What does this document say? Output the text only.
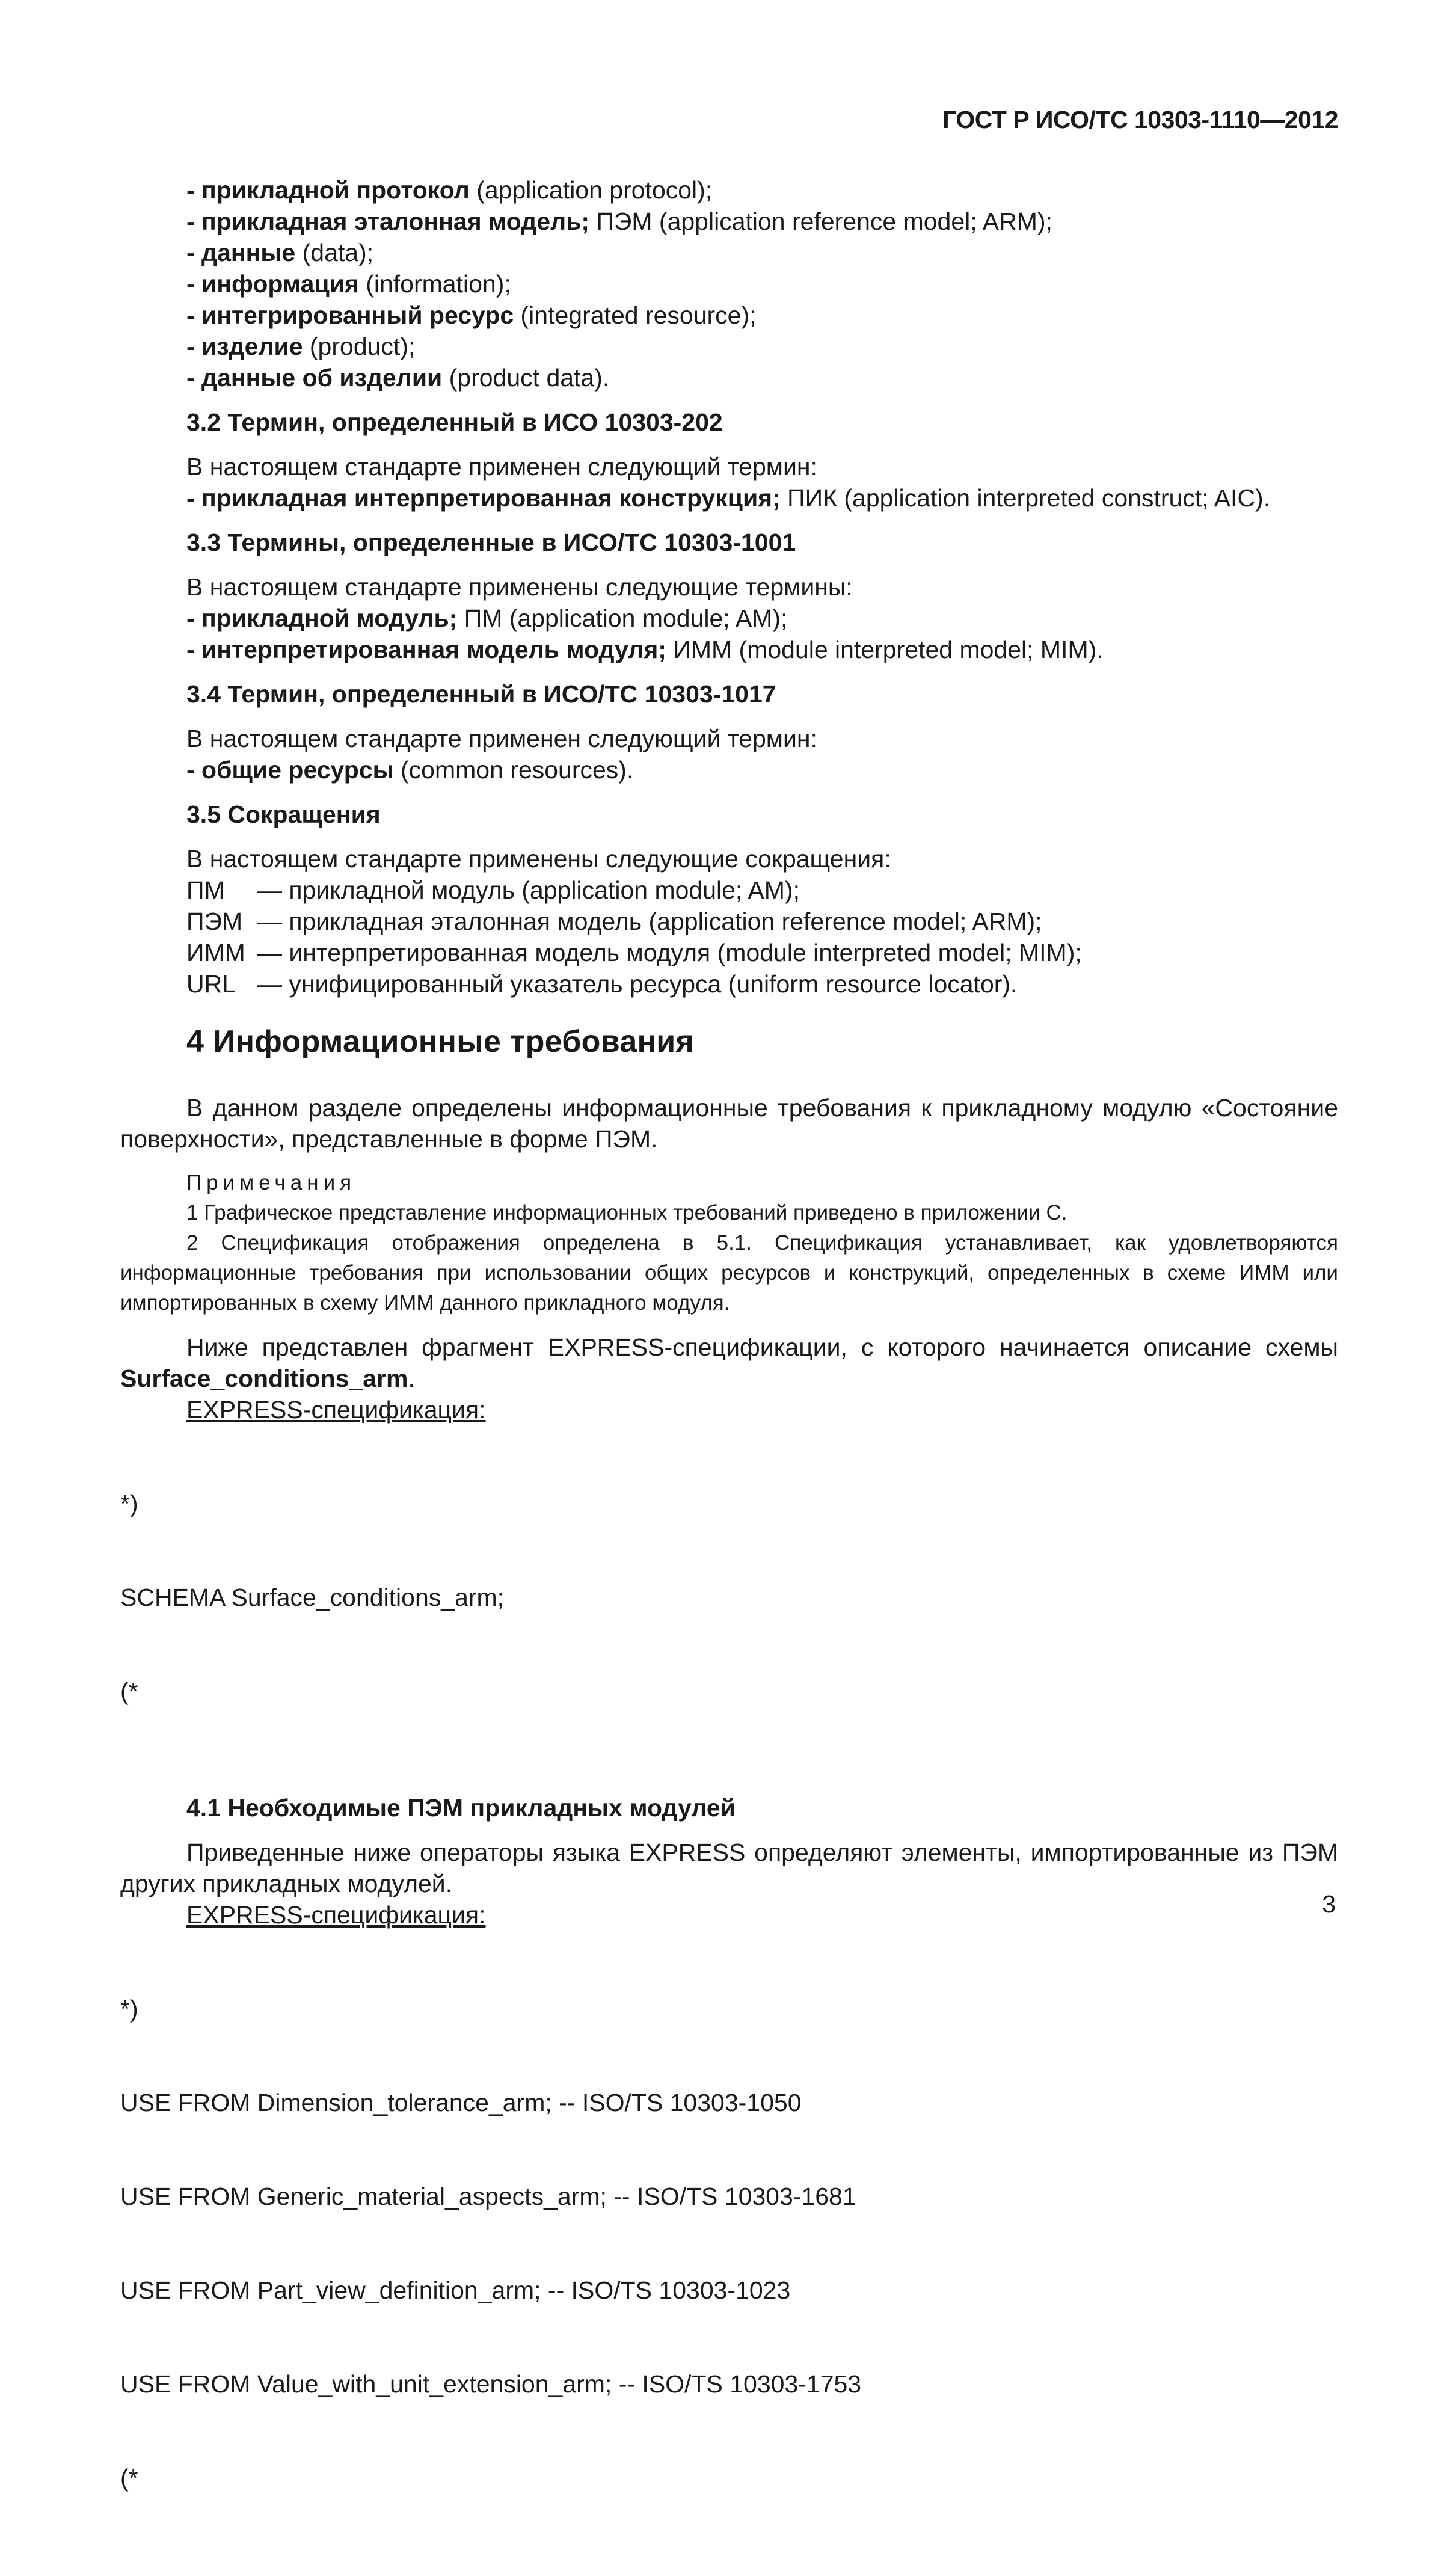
ГОСТ Р ИСО/ТС 10303-1110—2012
- прикладной протокол (application protocol);
- прикладная эталонная модель; ПЭМ (application reference model; ARM);
- данные (data);
- информация (information);
- интегрированный ресурс (integrated resource);
- изделие (product);
- данные об изделии (product data).
3.2 Термин, определенный в ИСО 10303-202
В настоящем стандарте применен следующий термин:
- прикладная интерпретированная конструкция; ПИК (application interpreted construct; AIC).
3.3 Термины, определенные в ИСО/ТС 10303-1001
В настоящем стандарте применены следующие термины:
- прикладной модуль; ПМ (application module; AM);
- интерпретированная модель модуля; ИММ (module interpreted model; MIM).
3.4 Термин, определенный в ИСО/ТС 10303-1017
В настоящем стандарте применен следующий термин:
- общие ресурсы (common resources).
3.5 Сокращения
В настоящем стандарте применены следующие сокращения:
ПМ	— прикладной модуль (application module; AM);
ПЭМ — прикладная эталонная модель (application reference model; ARM);
ИММ — интерпретированная модель модуля (module interpreted model; MIM);
URL — унифицированный указатель ресурса (uniform resource locator).
4 Информационные требования
В данном разделе определены информационные требования к прикладному модулю «Состояние поверхности», представленные в форме ПЭМ.
Примечания
1 Графическое представление информационных требований приведено в приложении С.
2 Спецификация отображения определена в 5.1. Спецификация устанавливает, как удовлетворяются информационные требования при использовании общих ресурсов и конструкций, определенных в схеме ИММ или импортированных в схему ИММ данного прикладного модуля.
Ниже представлен фрагмент EXPRESS-спецификации, с которого начинается описание схемы Surface_conditions_arm.
EXPRESS-спецификация:

*)

SCHEMA Surface_conditions_arm;

(*

4.1 Необходимые ПЭМ прикладных модулей
Приведенные ниже операторы языка EXPRESS определяют элементы, импортированные из ПЭМ других прикладных модулей.
EXPRESS-спецификация:

*)

USE FROM Dimension_tolerance_arm; -- ISO/TS 10303-1050

USE FROM Generic_material_aspects_arm; -- ISO/TS 10303-1681

USE FROM Part_view_definition_arm; -- ISO/TS 10303-1023

USE FROM Value_with_unit_extension_arm; -- ISO/TS 10303-1753

(*

3
